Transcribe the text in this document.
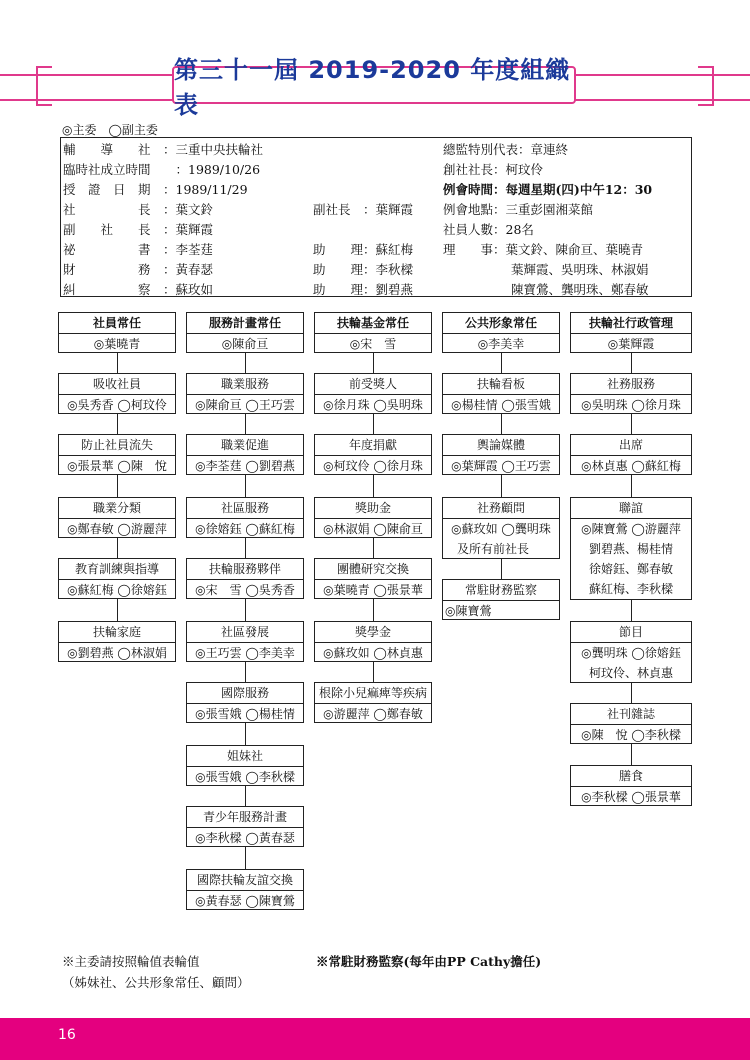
第三十一屆 2019-2020 年度組織表
◎主委　◯副主委
輔　　導　　社　：三重中央扶輪社
臨時社成立時間　　：1989/10/26
授　證　日　期　：1989/11/29
社　　　　　長　：葉文鈴
副　　社　　長　：葉輝霞
祕　　　　　書　：李荃莛
財　　　　　務　：黃春瑟
糾　　　　　察　：蘇玫如
副社長　：葉輝霞
助　　理：蘇紅梅
助　　理：李秋樑
助　　理：劉碧燕
總監特別代表：章連終
創社社長：柯玟伶
例會時間：每週星期(四)中午12：30
例會地點：三重彭園湘菜館
社員人數：28名
理　　事：葉文鈴、陳俞亘、葉曉青
葉輝霞、吳明珠、林淑娟
陳寶鶯、龔明珠、鄭春敏
社員常任
◎葉曉青
服務計畫常任
◎陳俞亘
扶輪基金常任
◎宋　雪
公共形象常任
◎李美幸
扶輪社行政管理
◎葉輝霞
吸收社員
◎吳秀香 ◯柯玟伶
防止社員流失
◎張景華 ◯陳　悅
職業分類
◎鄭春敏 ◯游麗萍
教育訓練與指導
◎蘇紅梅 ◯徐嫆鈺
扶輪家庭
◎劉碧燕 ◯林淑娟
職業服務
◎陳俞亘 ◯王巧雲
職業促進
◎李荃莛 ◯劉碧燕
社區服務
◎徐嫆鈺 ◯蘇紅梅
扶輪服務夥伴
◎宋　雪 ◯吳秀香
社區發展
◎王巧雲 ◯李美幸
國際服務
◎張雪娥 ◯楊桂情
姐妹社
◎張雪娥 ◯李秋樑
青少年服務計畫
◎李秋樑 ◯黃春瑟
國際扶輪友誼交換
◎黃春瑟 ◯陳寶鶯
前受獎人
◎徐月珠 ◯吳明珠
年度捐獻
◎柯玟伶 ◯徐月珠
獎助金
◎林淑娟 ◯陳俞亘
團體研究交換
◎葉曉青 ◯張景華
獎學金
◎蘇玫如 ◯林貞惠
根除小兒痲痺等疾病
◎游麗萍 ◯鄭春敏
扶輪看板
◎楊桂情 ◯張雪娥
輿論媒體
◎葉輝霞 ◯王巧雲
社務顧問
◎蘇玫如 ◯龔明珠
及所有前社長
常駐財務監察
◎陳寶鶯
社務服務
◎吳明珠 ◯徐月珠
出席
◎林貞惠 ◯蘇紅梅
聯誼
◎陳寶鶯 ◯游麗萍
劉碧燕、楊桂情
徐嫆鈺、鄭春敏
蘇紅梅、李秋樑
節目
◎龔明珠 ◯徐嫆鈺
柯玟伶、林貞惠
社刊雜誌
◎陳　悅 ◯李秋樑
膳食
◎李秋樑 ◯張景華
※主委請按照輪值表輪值
（姊妹社、公共形象常任、顧問）
※常駐財務監察(每年由PP Cathy擔任)
16
